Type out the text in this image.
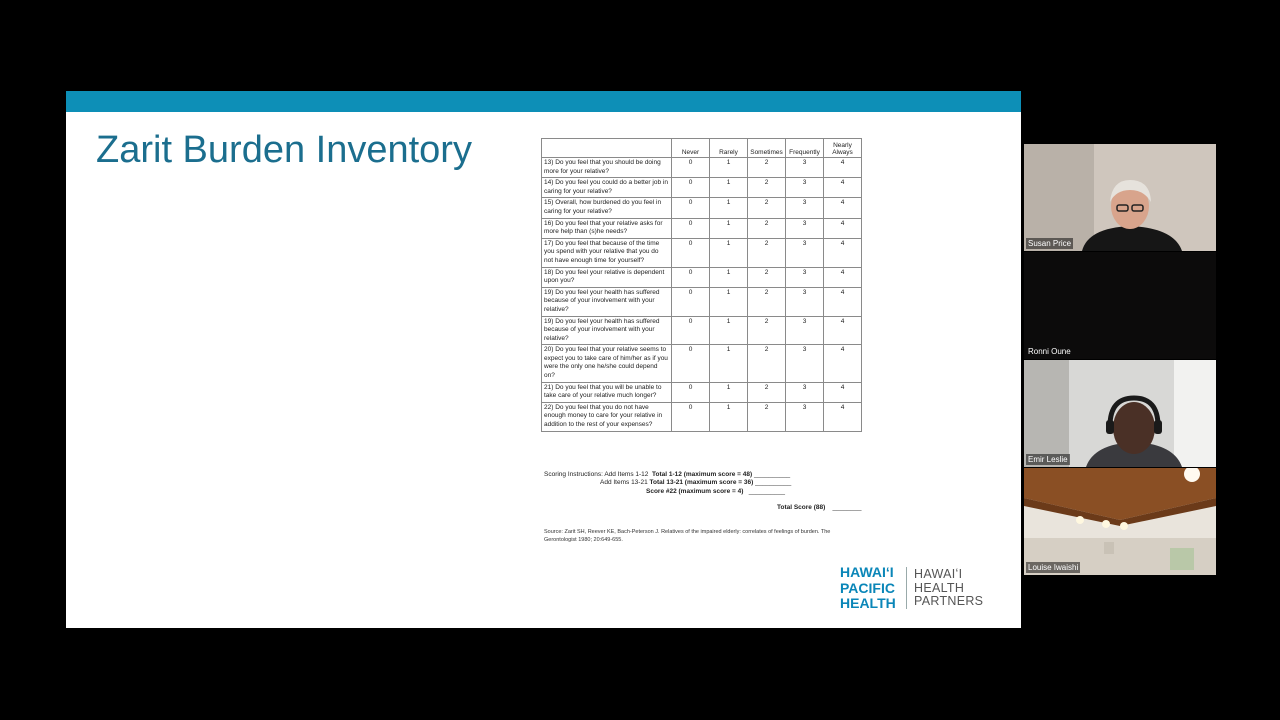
Zarit Burden Inventory
		Never	Rarely	Sometimes	Frequently	Nearly
Always
13) Do you feel that you should be doing more for your relative?	0	1	2	3	4
14) Do you feel you could do a better job in caring for your relative?	0	1	2	3	4
15) Overall, how burdened do you feel in caring for your relative?	0	1	2	3	4
16) Do you feel that your relative asks for more help than (s)he needs?	0	1	2	3	4
17) Do you feel that because of the time you spend with your relative that you do not have enough time for yourself?	0	1	2	3	4
18) Do you feel your relative is dependent upon you?	0	1	2	3	4
19) Do you feel your health has suffered because of your involvement with your relative?	0	1	2	3	4
19) Do you feel your health has suffered because of your involvement with your relative?	0	1	2	3	4
20) Do you feel that your relative seems to expect you to take care of him/her as if you were the only one he/she could depend on?	0	1	2	3	4
21) Do you feel that you will be unable to take care of your relative much longer?	0	1	2	3	4
22) Do you feel that you do not have enough money to care for your relative in addition to the rest of your expenses?	0	1	2	3	4
Scoring Instructions: Add Items 1-12 Total 1-12 (maximum score = 48) __________
Add Items 13-21 Total 13-21 (maximum score = 36) __________
Score #22 (maximum score = 4) __________
Total Score (88) ________
Source: Zarit SH, Reever KE, Bach-Peterson J. Relatives of the impaired elderly: correlates of feelings of burden. The Gerontologist 1980; 20:649-655.
HAWAIʻI
PACIFIC
HEALTH
HAWAIʻI
HEALTH
PARTNERS
Susan Price
Ronni Oune
Emir Leslie
Louise Iwaishi
